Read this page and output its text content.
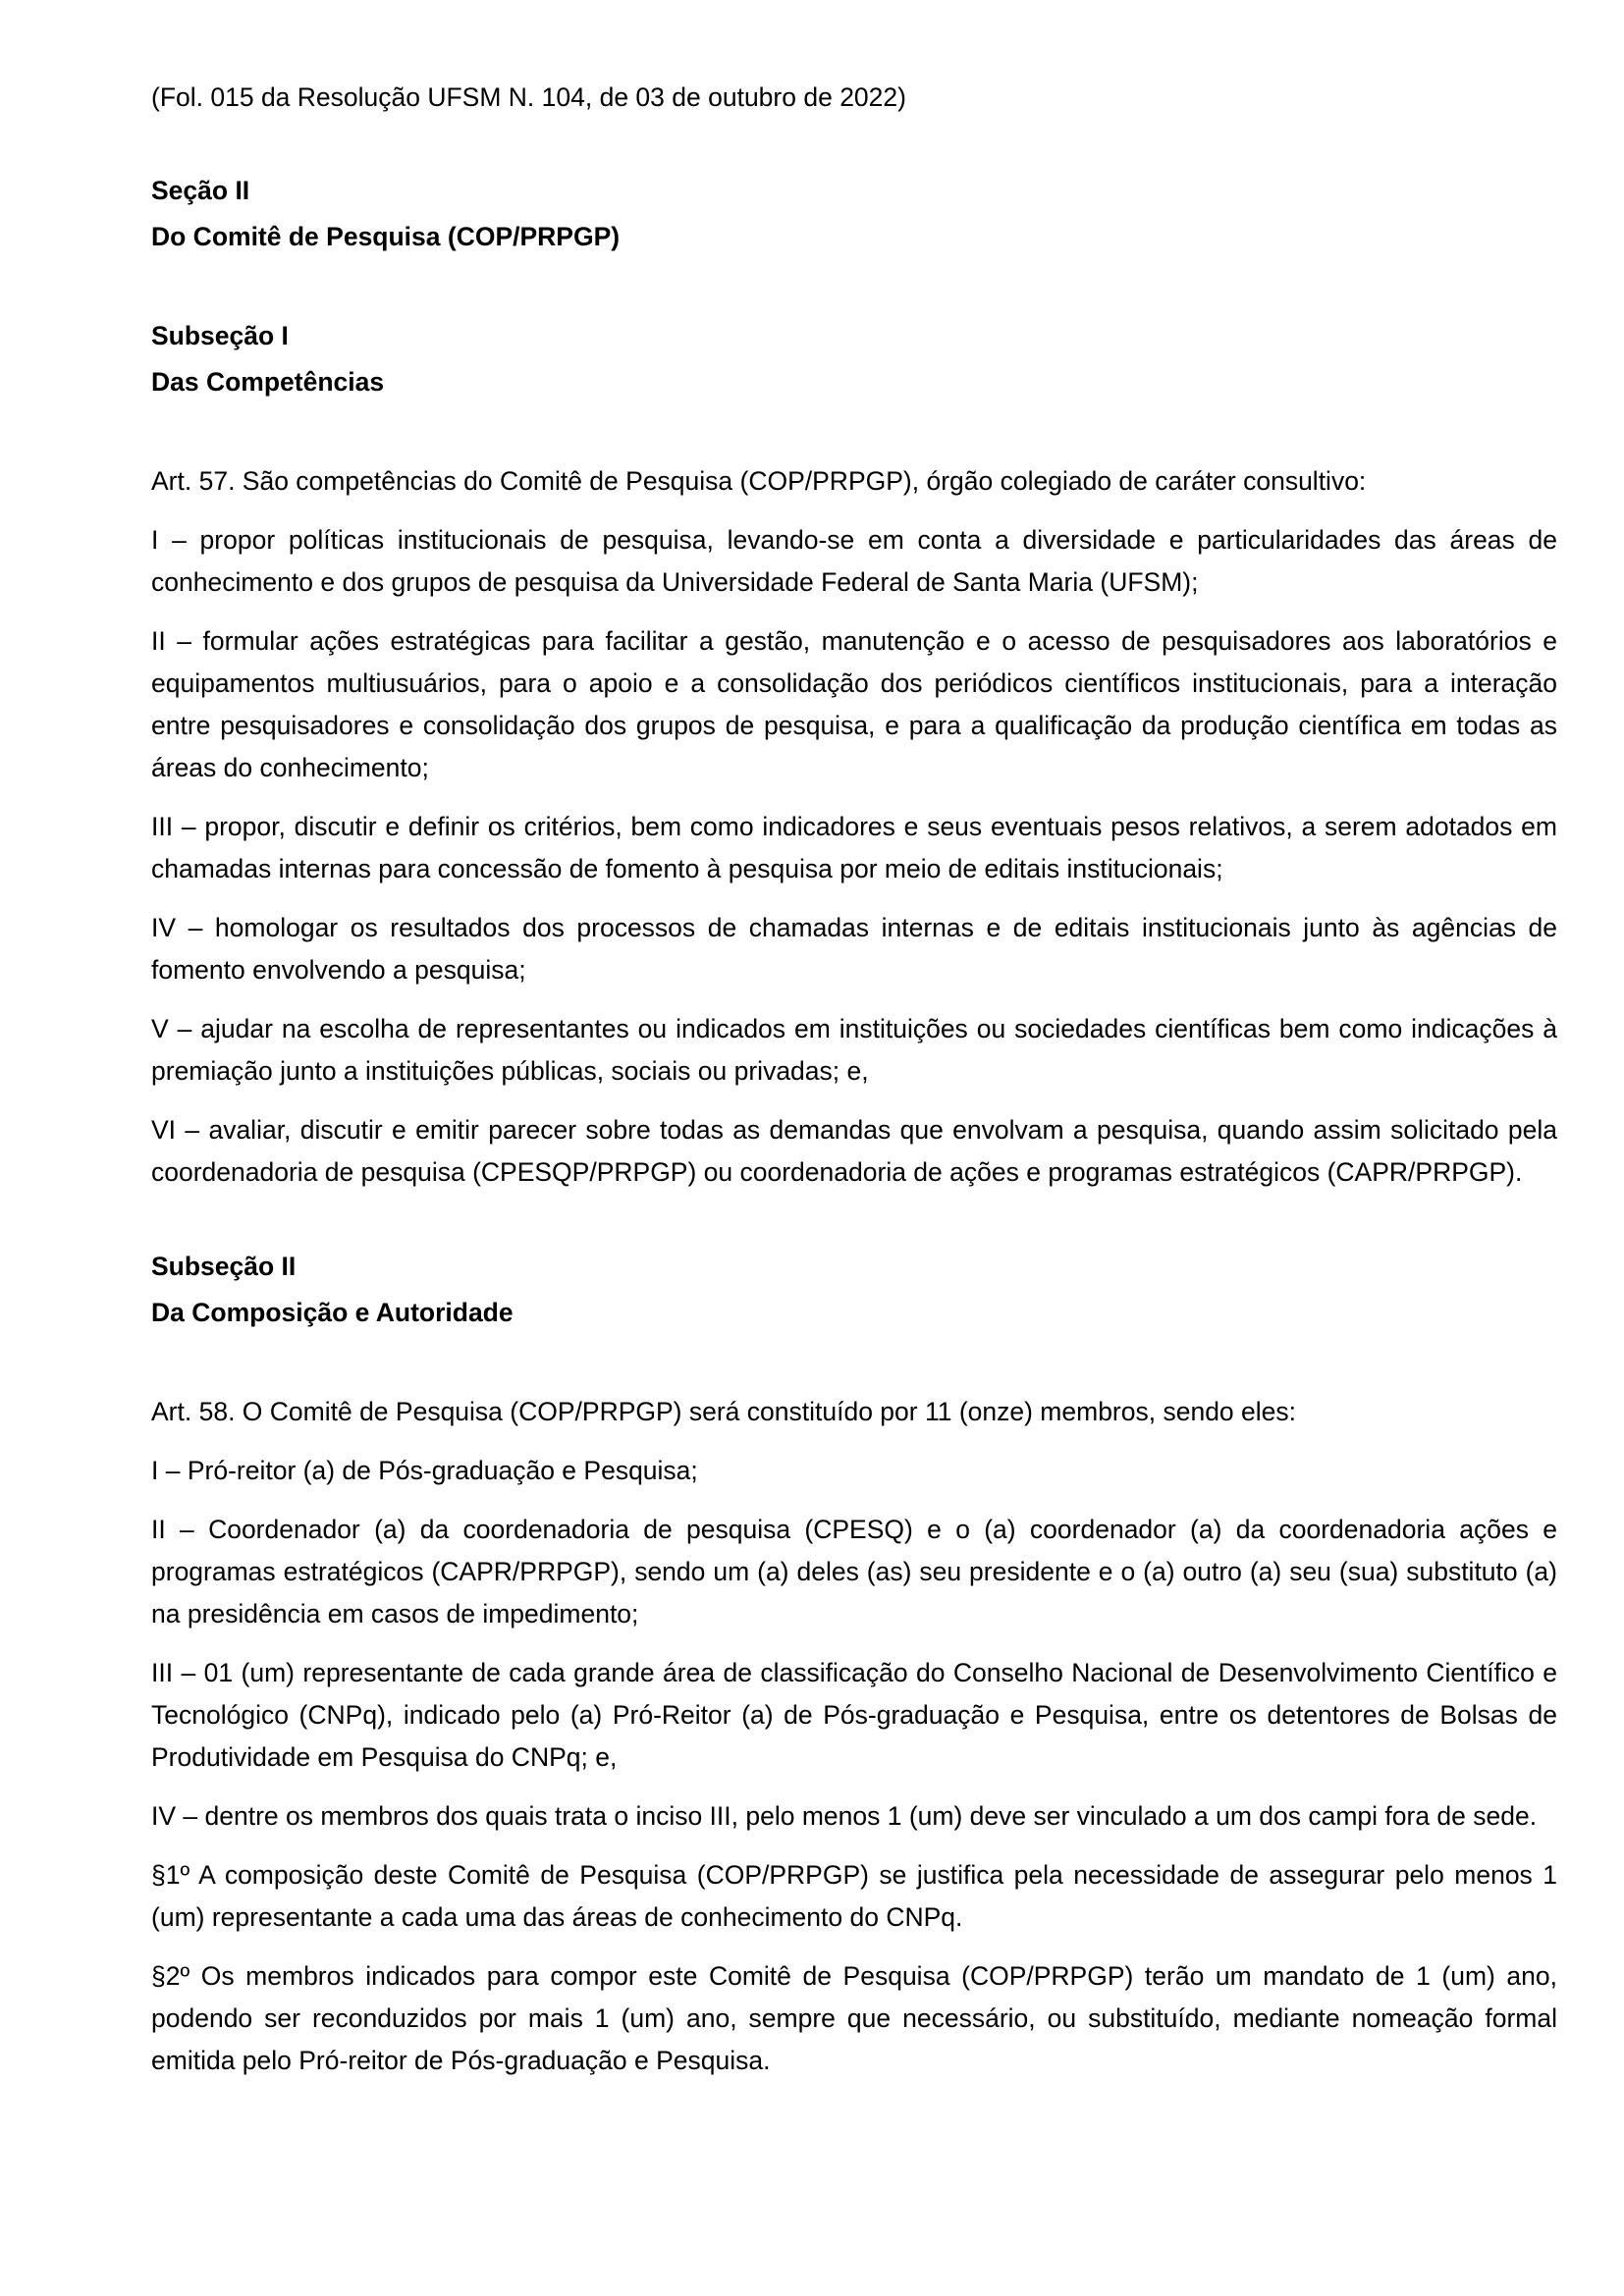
(Fol. 015 da Resolução UFSM N. 104, de 03 de outubro de 2022)

Seção II

Do Comitê de Pesquisa (COP/PRPGP)

Subseção I

Das Competências

Art. 57. São competências do Comitê de Pesquisa (COP/PRPGP), órgão colegiado de caráter consultivo:

I – propor políticas institucionais de pesquisa, levando-se em conta a diversidade e particularidades das áreas de conhecimento e dos grupos de pesquisa da Universidade Federal de Santa Maria (UFSM);

II – formular ações estratégicas para facilitar a gestão, manutenção e o acesso de pesquisadores aos laboratórios e equipamentos multiusuários, para o apoio e a consolidação dos periódicos científicos institucionais, para a interação entre pesquisadores e consolidação dos grupos de pesquisa, e para a qualificação da produção científica em todas as áreas do conhecimento;

III – propor, discutir e definir os critérios, bem como indicadores e seus eventuais pesos relativos, a serem adotados em chamadas internas para concessão de fomento à pesquisa por meio de editais institucionais;

IV – homologar os resultados dos processos de chamadas internas e de editais institucionais junto às agências de fomento envolvendo a pesquisa;

V – ajudar na escolha de representantes ou indicados em instituições ou sociedades científicas bem como indicações à premiação junto a instituições públicas, sociais ou privadas; e,

VI – avaliar, discutir e emitir parecer sobre todas as demandas que envolvam a pesquisa, quando assim solicitado pela coordenadoria de pesquisa (CPESQP/PRPGP) ou coordenadoria de ações e programas estratégicos (CAPR/PRPGP).

Subseção II

Da Composição e Autoridade

Art. 58. O Comitê de Pesquisa (COP/PRPGP) será constituído por 11 (onze) membros, sendo eles:

I – Pró-reitor (a) de Pós-graduação e Pesquisa;

II – Coordenador (a) da coordenadoria de pesquisa (CPESQ) e o (a) coordenador (a) da coordenadoria ações e programas estratégicos (CAPR/PRPGP), sendo um (a) deles (as) seu presidente e o (a) outro (a) seu (sua) substituto (a) na presidência em casos de impedimento;

III – 01 (um) representante de cada grande área de classificação do Conselho Nacional de Desenvolvimento Científico e Tecnológico (CNPq), indicado pelo (a) Pró-Reitor (a) de Pós-graduação e Pesquisa, entre os detentores de Bolsas de Produtividade em Pesquisa do CNPq; e,

IV – dentre os membros dos quais trata o inciso III, pelo menos 1 (um) deve ser vinculado a um dos campi fora de sede.

§1º A composição deste Comitê de Pesquisa (COP/PRPGP) se justifica pela necessidade de assegurar pelo menos 1 (um) representante a cada uma das áreas de conhecimento do CNPq.

§2º Os membros indicados para compor este Comitê de Pesquisa (COP/PRPGP) terão um mandato de 1 (um) ano, podendo ser reconduzidos por mais 1 (um) ano, sempre que necessário, ou substituído, mediante nomeação formal emitida pelo Pró-reitor de Pós-graduação e Pesquisa.
